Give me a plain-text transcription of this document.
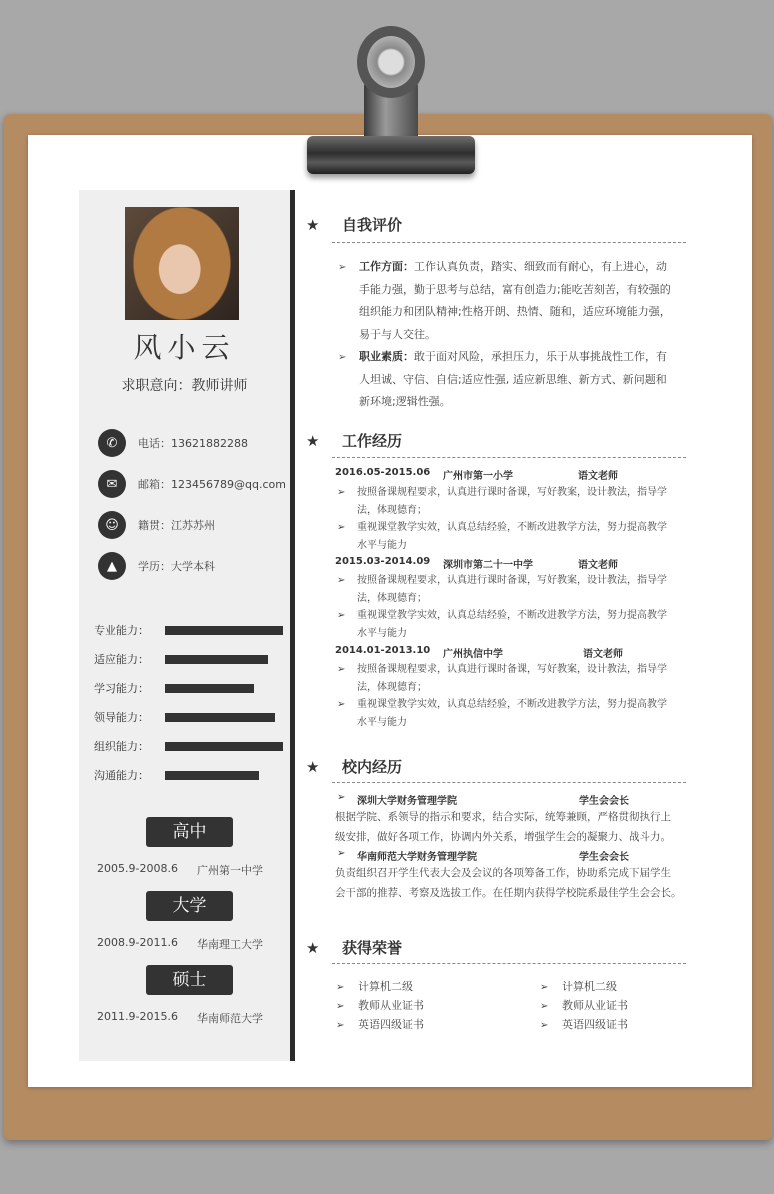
风小云
求职意向：教师讲师
✆	电话：13621882288
✉	邮箱：123456789@qq.com
☺	籍贯：江苏苏州
▲	学历：大学本科
专业能力：
适应能力：
学习能力：
领导能力：
组织能力：
沟通能力：
高中
2005.9-2008.6	广州第一中学
大学
2008.9-2011.6	华南理工大学
硕士
2011.9-2015.6	华南师范大学
★	自我评价
➢ 工作方面：工作认真负责，踏实、细致而有耐心，有上进心，动
手能力强，勤于思考与总结，富有创造力;能吃苦刻苦，有较强的
组织能力和团队精神;性格开朗、热情、随和，适应环境能力强，
易于与人交往。
➢ 职业素质：敢于面对风险，承担压力，乐于从事挑战性工作，有
人坦诚、守信、自信;适应性强, 适应新思维、新方式、新问题和
新环境;逻辑性强。
★	工作经历
2016.05-2015.06 广州市第一小学	语文老师
➢ 按照备课规程要求，认真进行课时备课，写好教案，设计教法，指导学
法，体现德育；
➢ 重视课堂教学实效，认真总结经验，不断改进教学方法，努力提高教学
水平与能力
2015.03-2014.09 深圳市第二十一中学	语文老师
➢ 按照备课规程要求，认真进行课时备课，写好教案，设计教法，指导学
法，体现德育；
➢ 重视课堂教学实效，认真总结经验，不断改进教学方法，努力提高教学
水平与能力
2014.01-2013.10 广州执信中学	语文老师
➢ 按照备课规程要求，认真进行课时备课，写好教案，设计教法，指导学
法，体现德育；
➢ 重视课堂教学实效，认真总结经验，不断改进教学方法，努力提高教学
水平与能力
★	校内经历
➢ 深圳大学财务管理学院	学生会会长
根据学院、系领导的指示和要求，结合实际，统筹兼顾，严格贯彻执行上
级安排，做好各项工作，协调内外关系，增强学生会的凝聚力、战斗力。
➢ 华南师范大学财务管理学院	学生会会长
负责组织召开学生代表大会及会议的各项筹备工作，协助系完成下届学生
会干部的推荐、考察及选拔工作。在任期内获得学校院系最佳学生会会长。
★	获得荣誉
➢ 计算机二级
➢ 教师从业证书
➢ 英语四级证书
➢ 计算机二级
➢ 教师从业证书
➢ 英语四级证书
